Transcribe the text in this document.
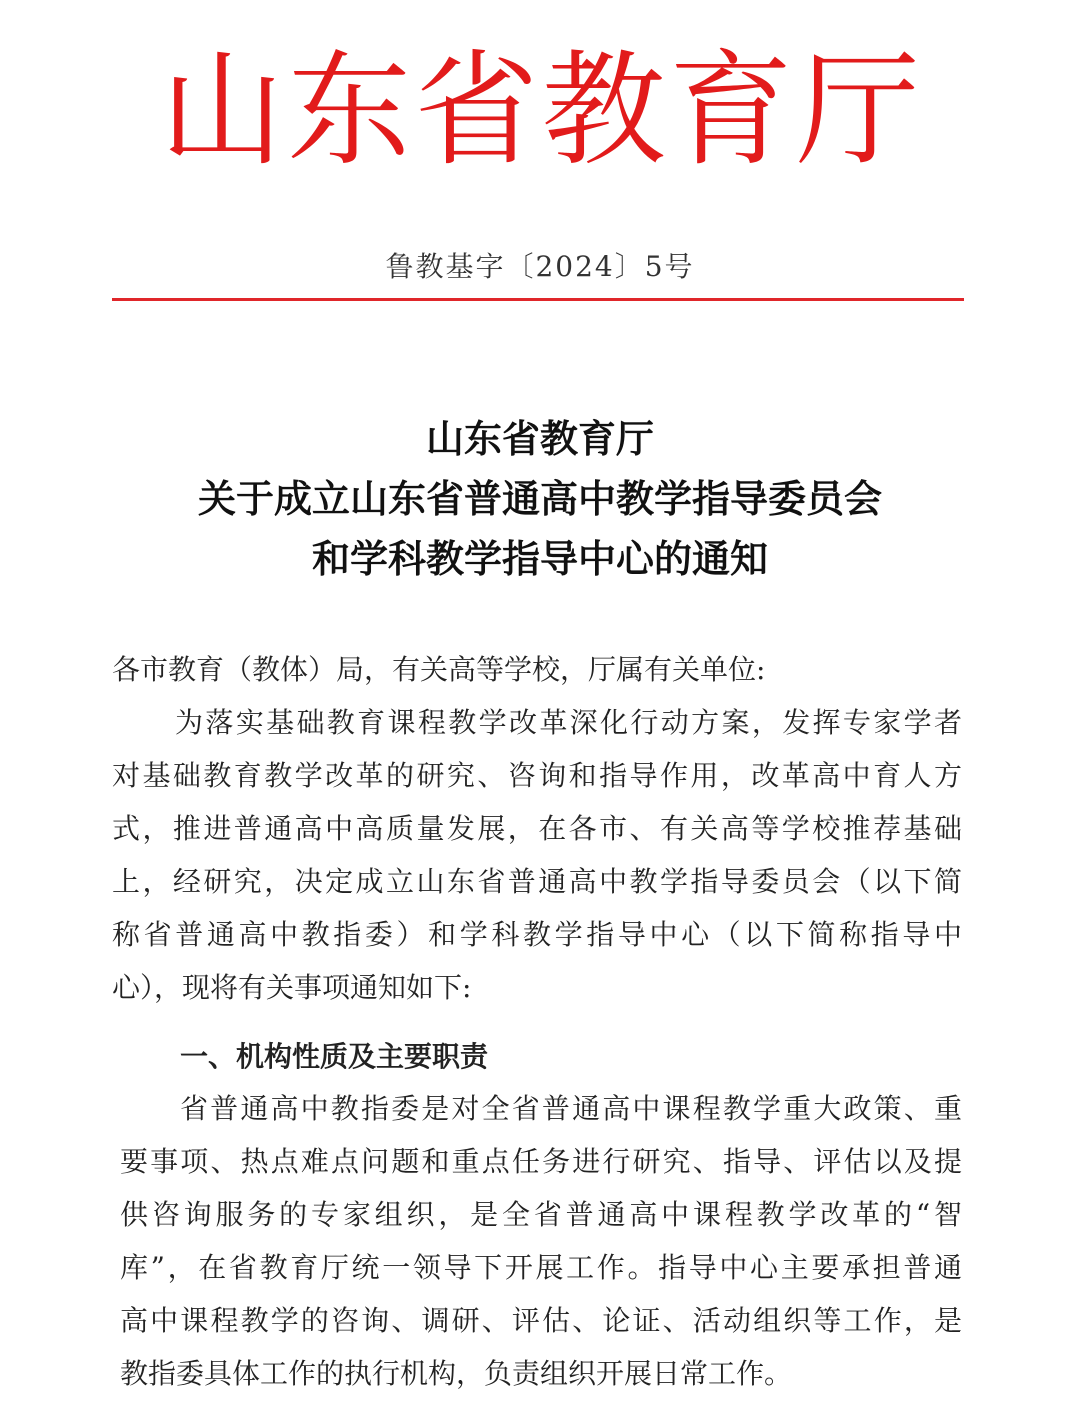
山 东 省 教 育 厅
鲁教基字〔2024〕5号
山东省教育厅
关于成立山东省普通高中教学指导委员会
和学科教学指导中心的通知
各市教育（教体）局，有关高等学校，厅属有关单位:
为落实基础教育课程教学改革深化行动方案，发挥专家学者
对基础教育教学改革的研究、咨询和指导作用，改革高中育人方
式，推进普通高中高质量发展，在各市、有关高等学校推荐基础
上，经研究，决定成立山东省普通高中教学指导委员会（以下简
称省普通高中教指委）和学科教学指导中心（以下简称指导中
心），现将有关事项通知如下:
一、机构性质及主要职责
省普通高中教指委是对全省普通高中课程教学重大政策、重
要事项、热点难点问题和重点任务进行研究、指导、评估以及提
供咨询服务的专家组织，是全省普通高中课程教学改革的“智
库”，在省教育厅统一领导下开展工作。指导中心主要承担普通
高中课程教学的咨询、调研、评估、论证、活动组织等工作，是
教指委具体工作的执行机构，负责组织开展日常工作。
